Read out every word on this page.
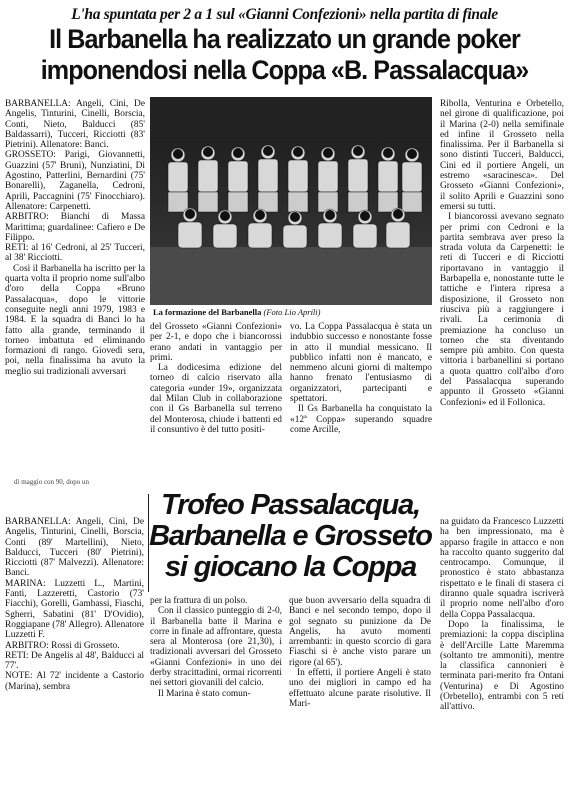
L'ha spuntata per 2 a 1 sul «Gianni Confezioni» nella partita di finale
Il Barbanella ha realizzato un grande poker
imponendosi nella Coppa «B. Passalacqua»

BARBANELLA: Angeli, Cini, De Angelis, Tinturini, Cinelli, Borscia, Conti, Nieto, Balducci (85' Baldassarri), Tucceri, Ricciotti (83' Pietrini). Allenatore: Banci.

GROSSETO: Parigi, Giovannetti, Guazzini (57' Bruni), Nunziatini, Di Agostino, Patterlini, Bernardini (75' Bonarelli), Zaganella, Cedronì, Aprili, Paccagnini (75' Finocchiaro). Allenatore: Carpenetti.

ARBITRO: Bianchi di Massa Marittima; guardalinee: Cafiero e De Filippo.

RETI: al 16' Cedroni, al 25' Tucceri, al 38' Ricciotti.

Così il Barbanella ha iscritto per la quarta volta il proprio nome sull'albo d'oro della Coppa «Bruno Passalacqua», dopo le vittorie conseguite negli anni 1979, 1983 e 1984. E la squadra di Banci lo ha fatto alla grande, terminando il torneo imbattuta ed eliminando formazioni di rango. Giovedì sera, poi, nella finalissima ha avuto la meglio sui tradizionali avversari

La formazione del Barbanella (Foto Lio Aprili)

del Grosseto «Gianni Confezioni» per 2-1, e dopo che i biancorossi erano andati in vantaggio per primi.

La dodicesima edizione del torneo di calcio riservato alla categoria «under 19», organizzata dal Milan Club in collaborazione con il Gs Barbanella sul terreno del Monterosa, chiude i battenti ed il consuntivo è del tutto positi-

vo. La Coppa Passalacqua è stata un indubbio successo e nonostante fosse in atto il mundial messicano. Il pubblico infatti non è mancato, e nemmeno alcuni giorni di maltempo hanno frenato l'entusiasmo di organizzatori, partecipanti e spettatori.

Il Gs Barbanella ha conquistato la «12ª Coppa» superando squadre come Arcille,

Ribolla, Venturina e Orbetello, nel girone di qualificazione, poi il Marina (2-0) nella semifinale ed infine il Grosseto nella finalissima. Per il Barbanella si sono distinti Tucceri, Balducci, Cini ed il portiere Angeli, un estremo «saracinesca». Del Grosseto «Gianni Confezioni», il solito Aprili e Guazzini sono emersi su tutti.

I biancorossi avevano segnato per primi con Cedroni e la partita sembrava aver preso la strada voluta da Carpenetti: le reti di Tucceri e di Ricciotti riportavano in vantaggio il Barbapella e, nonostante tutte le tattiche e l'intera ripresa a disposizione, il Grosseto non riusciva più a raggiungere i rivali. La cerimonia di premiazione ha concluso un torneo che sta diventando sempre più ambito. Con questa vittoria i barbanellini si portano a quota quattro coll'albo d'oro del Passalacqua superando appunto il Grosseto «Gianni Confezioni» ed il Follonica.

di maggio con 90, dopo un
Trofeo Passalacqua,
Barbanella e Grosseto
si giocano la Coppa

BARBANELLA: Angeli, Cini, De Angelis, Tinturini, Cinelli, Borscia, Conti (89' Martellini), Nieto, Balducci, Tucceri (80' Pietrini), Ricciotti (87' Malvezzi). Allenatore: Banci.

MARINA: Luzzetti L., Martini, Fanti, Lazzeretti, Castorio (73' Fiacchi), Gorelli, Gambassi, Fiaschi, Sgherri, Sabatini (81' D'Ovidio), Roggiapane (78' Allegro). Allenatore Luzzetti F.

ARBITRO: Rossi di Grosseto.

RETI: De Angelis al 48', Balducci al 77'.

NOTE: Al 72' incidente a Castorio (Marina), sembra

per la frattura di un polso.

Con il classico punteggio di 2-0, il Barbanella batte il Marina e corre in finale ad affrontare, questa sera al Monterosa (ore 21,30), i tradizionali avversari del Grosseto «Gianni Confezioni» in uno dei derby stracittadini, ormai ricorrenti nei settori giovanili del calcio.

Il Marina è stato comun-

que buon avversario della squadra di Banci e nel secondo tempo, dopo il gol segnato su punizione da De Angelis, ha avuto momenti arrembanti: in questo scorcio di gara Fiaschi si è anche visto parare un rigore (al 65').

In effetti, il portiere Angeli è stato uno dei migliori in campo ed ha effettuato alcune parate risolutive. Il Mari-

na guidato da Francesco Luzzetti ha ben impressionato, ma è apparso fragile in attacco e non ha raccolto quanto suggerito dal centrocampo. Comunque, il pronostico è stato abbastanza rispettato e le finali di stasera ci diranno quale squadra iscriverà il proprio nome nell'albo d'oro della Coppa Passalacqua.

Dopo la finalissima, le premiazioni: la coppa disciplina è dell'Arcille Latte Maremma (soltanto tre ammoniti), mentre la classifica cannonieri è terminata pari-merito fra Ontani (Venturina) e Di Agostino (Orbetello), entrambi con 5 reti all'attivo.
